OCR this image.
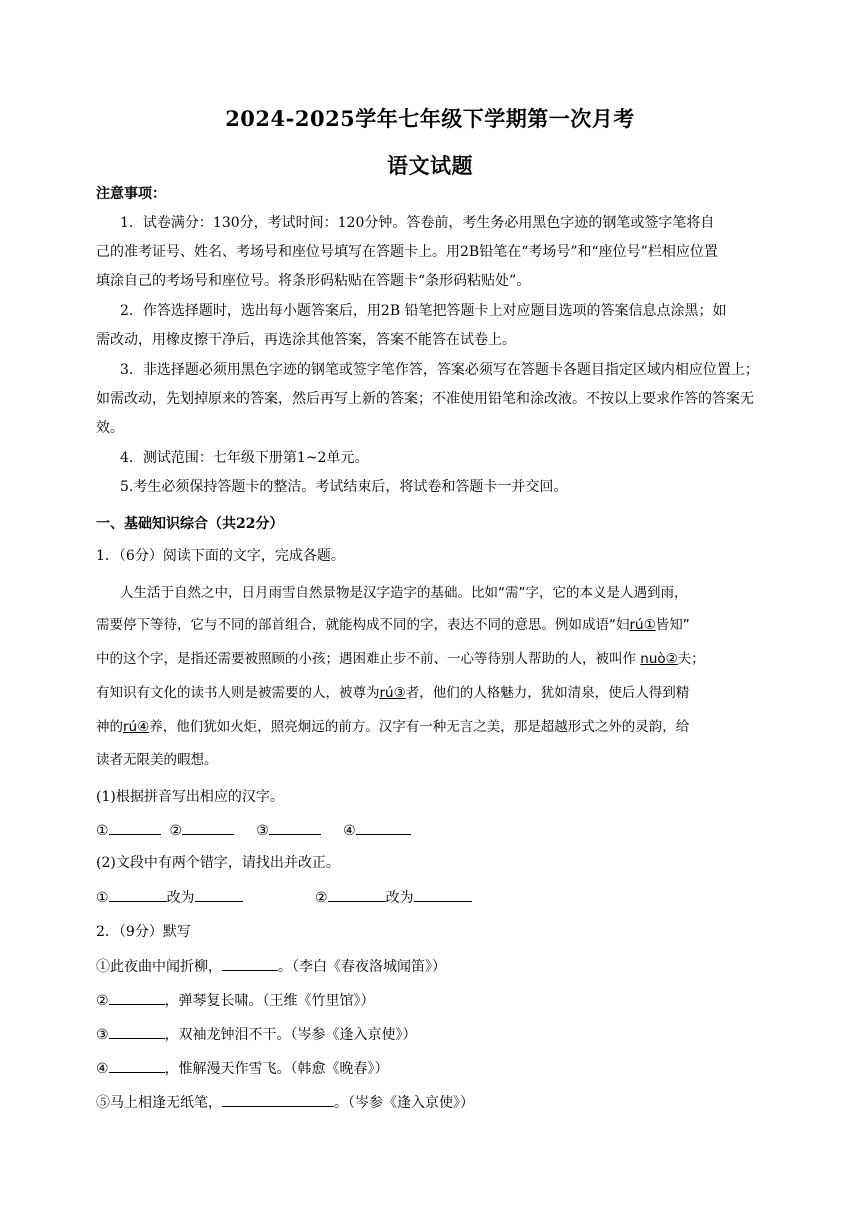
2024-2025学年七年级下学期第一次月考
语文试题
注意事项：
1．试卷满分：130分，考试时间：120分钟。答卷前，考生务必用黑色字迹的钢笔或签字笔将自
己的准考证号、姓名、考场号和座位号填写在答题卡上。用2B铅笔在“考场号”和“座位号”栏相应位置
填涂自己的考场号和座位号。将条形码粘贴在答题卡“条形码粘贴处”。
2．作答选择题时，选出每小题答案后，用2B 铅笔把答题卡上对应题目选项的答案信息点涂黑；如
需改动，用橡皮擦干净后，再选涂其他答案，答案不能答在试卷上。
3．非选择题必须用黑色字迹的钢笔或签字笔作答，答案必须写在答题卡各题目指定区域内相应位置上；
如需改动，先划掉原来的答案，然后再写上新的答案；不准使用铅笔和涂改液。不按以上要求作答的答案无
效。
4．测试范围：七年级下册第1~2单元。
5.考生必须保持答题卡的整洁。考试结束后，将试卷和答题卡一并交回。
一、基础知识综合（共22分）
1．（6分）阅读下面的文字，完成各题。
人生活于自然之中，日月雨雪自然景物是汉字造字的基础。比如“需”字，它的本义是人遇到雨，
需要停下等待，它与不同的部首组合，就能构成不同的字，表达不同的意思。例如成语“妇rú①皆知”
中的这个字，是指还需要被照顾的小孩；遇困难止步不前、一心等待别人帮助的人，被叫作 nuò②夫；
有知识有文化的读书人则是被需要的人，被尊为rú③者，他们的人格魅力，犹如清泉，使后人得到精
神的rú④养，他们犹如火炬，照亮炯远的前方。汉字有一种无言之美，那是超越形式之外的灵韵，给
读者无限美的暇想。
(1)根据拼音写出相应的汉字。
①	②	③	④
(2)文段中有两个错字，请找出并改正。
①	改为	②	改为
2．（9分）默写
①此夜曲中闻折柳，	。（李白《春夜洛城闻笛》）
②	，弹琴复长啸。（王维《竹里馆》）
③	，双袖龙钟泪不干。（岑参《逢入京使》）
④	，惟解漫天作雪飞。（韩愈《晚春》）
⑤马上相逢无纸笔，	。（岑参《逢入京使》）
